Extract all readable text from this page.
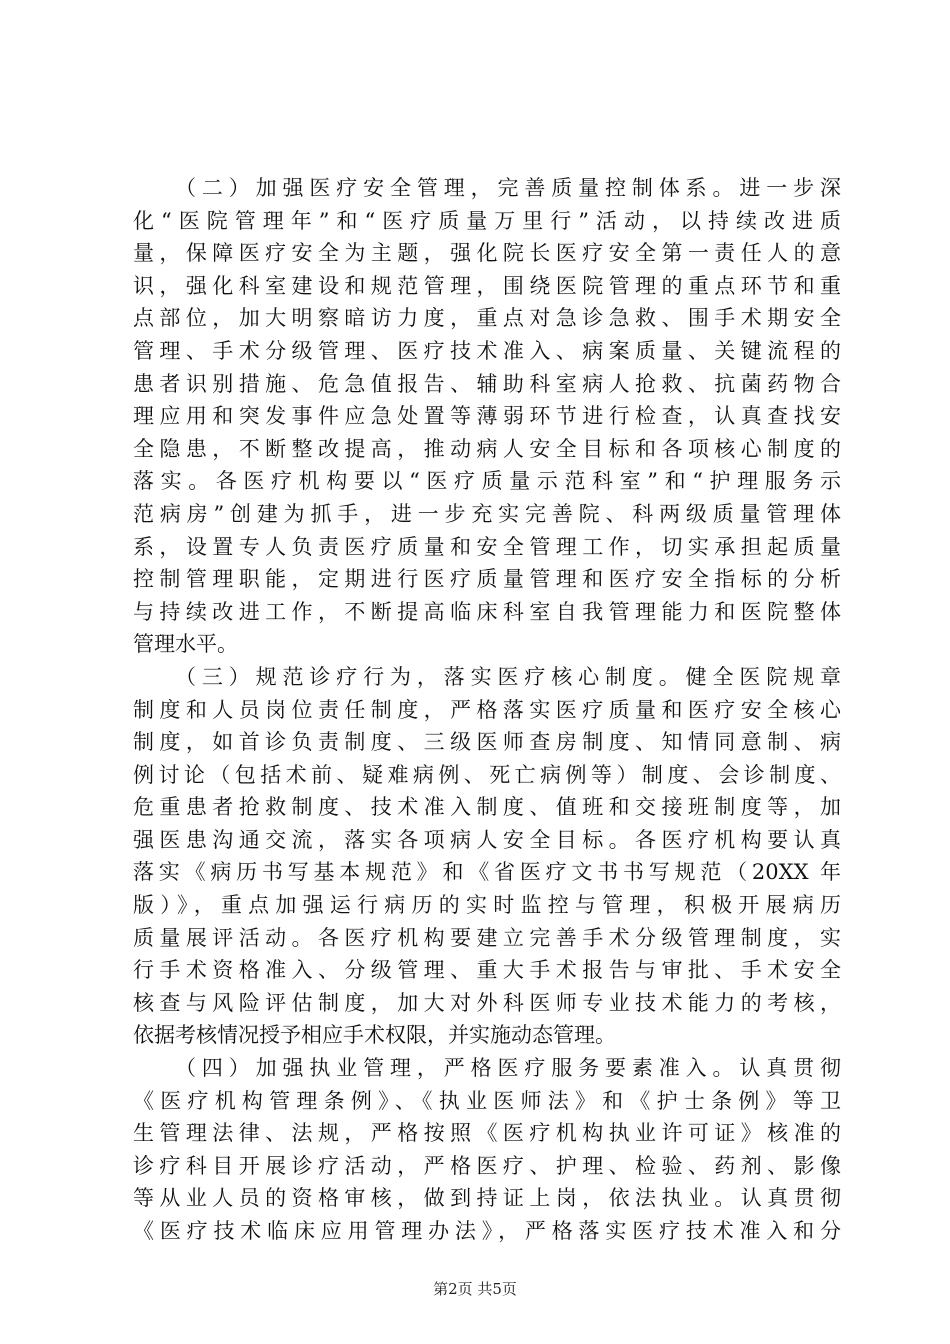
（二）加强医疗安全管理，完善质量控制体系。进一步深
化“医院管理年”和“医疗质量万里行”活动，以持续改进质
量，保障医疗安全为主题，强化院长医疗安全第一责任人的意
识，强化科室建设和规范管理，围绕医院管理的重点环节和重
点部位，加大明察暗访力度，重点对急诊急救、围手术期安全
管理、手术分级管理、医疗技术准入、病案质量、关键流程的
患者识别措施、危急值报告、辅助科室病人抢救、抗菌药物合
理应用和突发事件应急处置等薄弱环节进行检查，认真查找安
全隐患，不断整改提高，推动病人安全目标和各项核心制度的
落实。各医疗机构要以“医疗质量示范科室”和“护理服务示
范病房”创建为抓手，进一步充实完善院、科两级质量管理体
系，设置专人负责医疗质量和安全管理工作，切实承担起质量
控制管理职能，定期进行医疗质量管理和医疗安全指标的分析
与持续改进工作，不断提高临床科室自我管理能力和医院整体
管理水平。
（三）规范诊疗行为，落实医疗核心制度。健全医院规章
制度和人员岗位责任制度，严格落实医疗质量和医疗安全核心
制度，如首诊负责制度、三级医师查房制度、知情同意制、病
例讨论（包括术前、疑难病例、死亡病例等）制度、会诊制度、
危重患者抢救制度、技术准入制度、值班和交接班制度等，加
强医患沟通交流，落实各项病人安全目标。各医疗机构要认真
落实《病历书写基本规范》和《省医疗文书书写规范（20XX 年
版）》，重点加强运行病历的实时监控与管理，积极开展病历
质量展评活动。各医疗机构要建立完善手术分级管理制度，实
行手术资格准入、分级管理、重大手术报告与审批、手术安全
核查与风险评估制度，加大对外科医师专业技术能力的考核，
依据考核情况授予相应手术权限，并实施动态管理。
（四）加强执业管理，严格医疗服务要素准入。认真贯彻
《医疗机构管理条例》、《执业医师法》和《护士条例》等卫
生管理法律、法规，严格按照《医疗机构执业许可证》核准的
诊疗科目开展诊疗活动，严格医疗、护理、检验、药剂、影像
等从业人员的资格审核，做到持证上岗，依法执业。认真贯彻
《医疗技术临床应用管理办法》，严格落实医疗技术准入和分
第2页 共5页
